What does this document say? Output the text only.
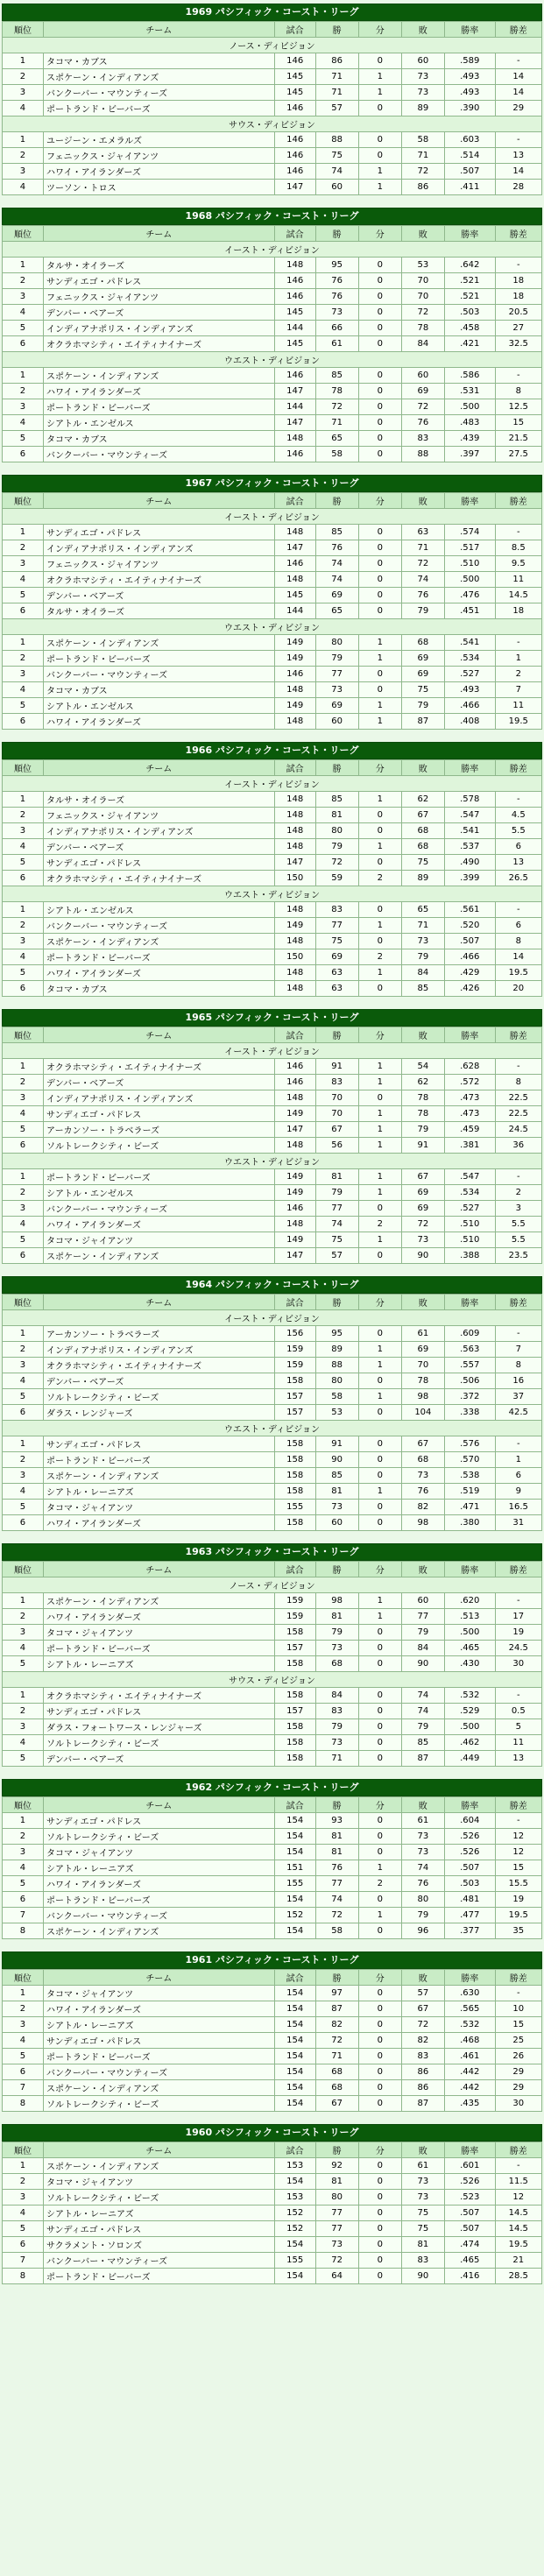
1969 パシフィック・コースト・リーグ
順位	チーム	試合	勝	分	敗	勝率	勝差
ノース・ディビジョン							
1	タコマ・カブス	146	86	0	60	.589	-
2	スポケーン・インディアンズ	145	71	1	73	.493	14
3	バンクーバー・マウンティーズ	145	71	1	73	.493	14
4	ポートランド・ビーバーズ	146	57	0	89	.390	29
サウス・ディビジョン							
1	ユージーン・エメラルズ	146	88	0	58	.603	-
2	フェニックス・ジャイアンツ	146	75	0	71	.514	13
3	ハワイ・アイランダーズ	146	74	1	72	.507	14
4	ツーソン・トロス	147	60	1	86	.411	28
1968 パシフィック・コースト・リーグ
順位	チーム	試合	勝	分	敗	勝率	勝差
イースト・ディビジョン							
1	タルサ・オイラーズ	148	95	0	53	.642	-
2	サンディエゴ・パドレス	146	76	0	70	.521	18
3	フェニックス・ジャイアンツ	146	76	0	70	.521	18
4	デンバー・ベアーズ	145	73	0	72	.503	20.5
5	インディアナポリス・インディアンズ	144	66	0	78	.458	27
6	オクラホマシティ・エイティナイナーズ	145	61	0	84	.421	32.5
ウエスト・ディビジョン							
1	スポケーン・インディアンズ	146	85	0	60	.586	-
2	ハワイ・アイランダーズ	147	78	0	69	.531	8
3	ポートランド・ビーバーズ	144	72	0	72	.500	12.5
4	シアトル・エンゼルス	147	71	0	76	.483	15
5	タコマ・カブス	148	65	0	83	.439	21.5
6	バンクーバー・マウンティーズ	146	58	0	88	.397	27.5
1967 パシフィック・コースト・リーグ
順位	チーム	試合	勝	分	敗	勝率	勝差
イースト・ディビジョン							
1	サンディエゴ・パドレス	148	85	0	63	.574	-
2	インディアナポリス・インディアンズ	147	76	0	71	.517	8.5
3	フェニックス・ジャイアンツ	146	74	0	72	.510	9.5
4	オクラホマシティ・エイティナイナーズ	148	74	0	74	.500	11
5	デンバー・ベアーズ	145	69	0	76	.476	14.5
6	タルサ・オイラーズ	144	65	0	79	.451	18
ウエスト・ディビジョン							
1	スポケーン・インディアンズ	149	80	1	68	.541	-
2	ポートランド・ビーバーズ	149	79	1	69	.534	1
3	バンクーバー・マウンティーズ	146	77	0	69	.527	2
4	タコマ・カブス	148	73	0	75	.493	7
5	シアトル・エンゼルス	149	69	1	79	.466	11
6	ハワイ・アイランダーズ	148	60	1	87	.408	19.5
1966 パシフィック・コースト・リーグ
順位	チーム	試合	勝	分	敗	勝率	勝差
イースト・ディビジョン							
1	タルサ・オイラーズ	148	85	1	62	.578	-
2	フェニックス・ジャイアンツ	148	81	0	67	.547	4.5
3	インディアナポリス・インディアンズ	148	80	0	68	.541	5.5
4	デンバー・ベアーズ	148	79	1	68	.537	6
5	サンディエゴ・パドレス	147	72	0	75	.490	13
6	オクラホマシティ・エイティナイナーズ	150	59	2	89	.399	26.5
ウエスト・ディビジョン							
1	シアトル・エンゼルス	148	83	0	65	.561	-
2	バンクーバー・マウンティーズ	149	77	1	71	.520	6
3	スポケーン・インディアンズ	148	75	0	73	.507	8
4	ポートランド・ビーバーズ	150	69	2	79	.466	14
5	ハワイ・アイランダーズ	148	63	1	84	.429	19.5
6	タコマ・カブス	148	63	0	85	.426	20
1965 パシフィック・コースト・リーグ
順位	チーム	試合	勝	分	敗	勝率	勝差
イースト・ディビジョン							
1	オクラホマシティ・エイティナイナーズ	146	91	1	54	.628	-
2	デンバー・ベアーズ	146	83	1	62	.572	8
3	インディアナポリス・インディアンズ	148	70	0	78	.473	22.5
4	サンディエゴ・パドレス	149	70	1	78	.473	22.5
5	アーカンソー・トラベラーズ	147	67	1	79	.459	24.5
6	ソルトレークシティ・ビーズ	148	56	1	91	.381	36
ウエスト・ディビジョン							
1	ポートランド・ビーバーズ	149	81	1	67	.547	-
2	シアトル・エンゼルス	149	79	1	69	.534	2
3	バンクーバー・マウンティーズ	146	77	0	69	.527	3
4	ハワイ・アイランダーズ	148	74	2	72	.510	5.5
5	タコマ・ジャイアンツ	149	75	1	73	.510	5.5
6	スポケーン・インディアンズ	147	57	0	90	.388	23.5
1964 パシフィック・コースト・リーグ
順位	チーム	試合	勝	分	敗	勝率	勝差
イースト・ディビジョン							
1	アーカンソー・トラベラーズ	156	95	0	61	.609	-
2	インディアナポリス・インディアンズ	159	89	1	69	.563	7
3	オクラホマシティ・エイティナイナーズ	159	88	1	70	.557	8
4	デンバー・ベアーズ	158	80	0	78	.506	16
5	ソルトレークシティ・ビーズ	157	58	1	98	.372	37
6	ダラス・レンジャーズ	157	53	0	104	.338	42.5
ウエスト・ディビジョン							
1	サンディエゴ・パドレス	158	91	0	67	.576	-
2	ポートランド・ビーバーズ	158	90	0	68	.570	1
3	スポケーン・インディアンズ	158	85	0	73	.538	6
4	シアトル・レーニアズ	158	81	1	76	.519	9
5	タコマ・ジャイアンツ	155	73	0	82	.471	16.5
6	ハワイ・アイランダーズ	158	60	0	98	.380	31
1963 パシフィック・コースト・リーグ
順位	チーム	試合	勝	分	敗	勝率	勝差
ノース・ディビジョン							
1	スポケーン・インディアンズ	159	98	1	60	.620	-
2	ハワイ・アイランダーズ	159	81	1	77	.513	17
3	タコマ・ジャイアンツ	158	79	0	79	.500	19
4	ポートランド・ビーバーズ	157	73	0	84	.465	24.5
5	シアトル・レーニアズ	158	68	0	90	.430	30
サウス・ディビジョン							
1	オクラホマシティ・エイティナイナーズ	158	84	0	74	.532	-
2	サンディエゴ・パドレス	157	83	0	74	.529	0.5
3	ダラス・フォートワース・レンジャーズ	158	79	0	79	.500	5
4	ソルトレークシティ・ビーズ	158	73	0	85	.462	11
5	デンバー・ベアーズ	158	71	0	87	.449	13
1962 パシフィック・コースト・リーグ
順位	チーム	試合	勝	分	敗	勝率	勝差
1	サンディエゴ・パドレス	154	93	0	61	.604	-
2	ソルトレークシティ・ビーズ	154	81	0	73	.526	12
3	タコマ・ジャイアンツ	154	81	0	73	.526	12
4	シアトル・レーニアズ	151	76	1	74	.507	15
5	ハワイ・アイランダーズ	155	77	2	76	.503	15.5
6	ポートランド・ビーバーズ	154	74	0	80	.481	19
7	バンクーバー・マウンティーズ	152	72	1	79	.477	19.5
8	スポケーン・インディアンズ	154	58	0	96	.377	35
1961 パシフィック・コースト・リーグ
順位	チーム	試合	勝	分	敗	勝率	勝差
1	タコマ・ジャイアンツ	154	97	0	57	.630	-
2	ハワイ・アイランダーズ	154	87	0	67	.565	10
3	シアトル・レーニアズ	154	82	0	72	.532	15
4	サンディエゴ・パドレス	154	72	0	82	.468	25
5	ポートランド・ビーバーズ	154	71	0	83	.461	26
6	バンクーバー・マウンティーズ	154	68	0	86	.442	29
7	スポケーン・インディアンズ	154	68	0	86	.442	29
8	ソルトレークシティ・ビーズ	154	67	0	87	.435	30
1960 パシフィック・コースト・リーグ
順位	チーム	試合	勝	分	敗	勝率	勝差
1	スポケーン・インディアンズ	153	92	0	61	.601	-
2	タコマ・ジャイアンツ	154	81	0	73	.526	11.5
3	ソルトレークシティ・ビーズ	153	80	0	73	.523	12
4	シアトル・レーニアズ	152	77	0	75	.507	14.5
5	サンディエゴ・パドレス	152	77	0	75	.507	14.5
6	サクラメント・ソロンズ	154	73	0	81	.474	19.5
7	バンクーバー・マウンティーズ	155	72	0	83	.465	21
8	ポートランド・ビーバーズ	154	64	0	90	.416	28.5
